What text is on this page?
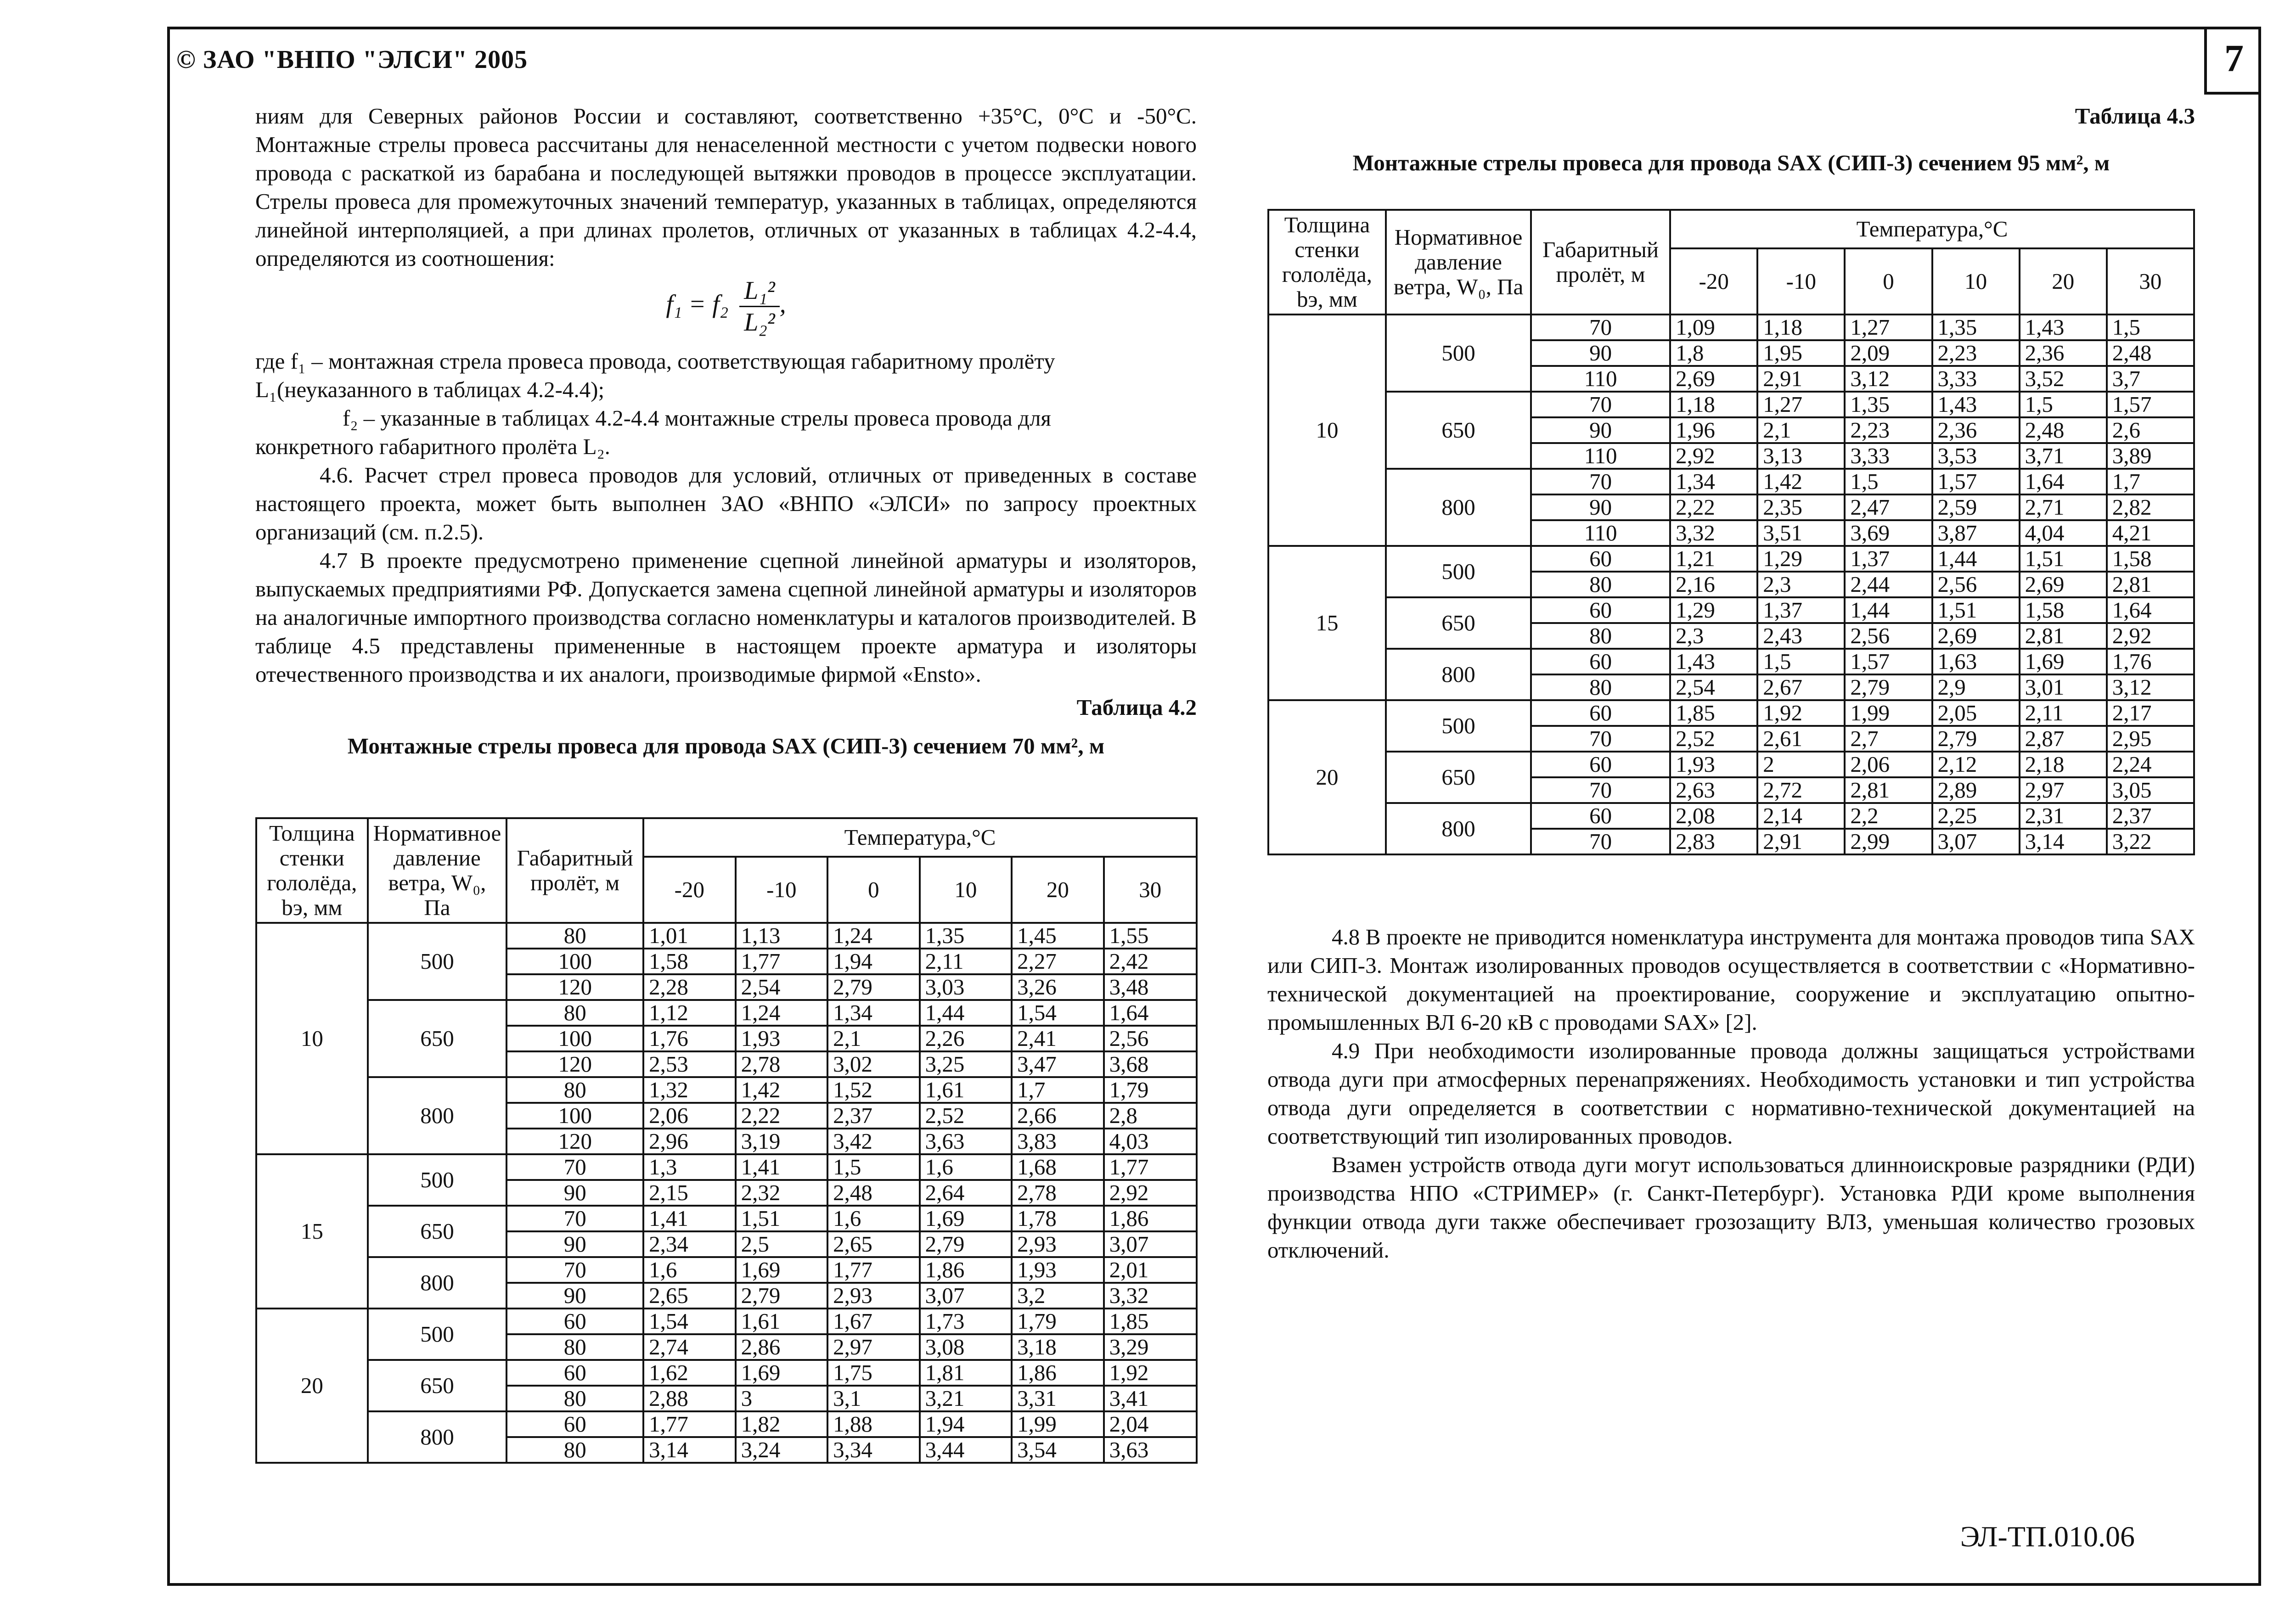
© ЗАО "ВНПО "ЭЛСИ" 2005	7

ниям для Северных районов России и составляют, соответственно +35°С, 0°С и -50°С. Монтажные стрелы провеса рассчитаны для ненаселенной местности с учетом подвески нового провода с раскаткой из барабана и последующей вытяжки проводов в процессе эксплуатации. Стрелы провеса для промежуточных значений температур, указанных в таблицах, определяются линейной интерполяцией, а при длинах пролетов, отличных от указанных в таблицах 4.2-4.4, определяются из соотношения:

$f_1 = f_2 \frac{\text{L₁²}}{\text{L₂²}}$ ,

где f₁ – монтажная стрела провеса провода, соответствующая габаритному пролёту

L₁(неуказанного в таблицах 4.2-4.4);

f₂ – указанные в таблицах 4.2-4.4 монтажные стрелы провеса провода для

конкретного габаритного пролёта L₂.

4.6. Расчет стрел провеса проводов для условий, отличных от приведенных в составе настоящего проекта, может быть выполнен ЗАО «ВНПО «ЭЛСИ» по запросу проектных организаций (см. п.2.5).

4.7 В проекте предусмотрено применение сцепной линейной арматуры и изоляторов, выпускаемых предприятиями РФ. Допускается замена сцепной линейной арматуры и изоляторов на аналогичные импортного производства согласно номенклатуры и каталогов производителей. В таблице 4.5 представлены примененные в настоящем проекте арматура и изоляторы отечественного производства и их аналоги, производимые фирмой «Ensto».

Таблица 4.2

Монтажные стрелы провеса для провода SAX (СИП-3) сечением 70 мм², м

Толщина стенки гололёда, bэ, мм	Нормативное давление ветра, W₀, Па	Габаритный пролёт, м	Температура,°С					
			-20	-10	0	10	20	30
10	500	80	1,01	1,13	1,24	1,35	1,45	1,55
		100	1,58	1,77	1,94	2,11	2,27	2,42
		120	2,28	2,54	2,79	3,03	3,26	3,48
	650	80	1,12	1,24	1,34	1,44	1,54	1,64
		100	1,76	1,93	2,1	2,26	2,41	2,56
		120	2,53	2,78	3,02	3,25	3,47	3,68
	800	80	1,32	1,42	1,52	1,61	1,7	1,79
		100	2,06	2,22	2,37	2,52	2,66	2,8
		120	2,96	3,19	3,42	3,63	3,83	4,03
15	500	70	1,3	1,41	1,5	1,6	1,68	1,77
		90	2,15	2,32	2,48	2,64	2,78	2,92
	650	70	1,41	1,51	1,6	1,69	1,78	1,86
		90	2,34	2,5	2,65	2,79	2,93	3,07
	800	70	1,6	1,69	1,77	1,86	1,93	2,01
		90	2,65	2,79	2,93	3,07	3,2	3,32
20	500	60	1,54	1,61	1,67	1,73	1,79	1,85
		80	2,74	2,86	2,97	3,08	3,18	3,29
	650	60	1,62	1,69	1,75	1,81	1,86	1,92
		80	2,88	3	3,1	3,21	3,31	3,41
	800	60	1,77	1,82	1,88	1,94	1,99	2,04
		80	3,14	3,24	3,34	3,44	3,54	3,63

Таблица 4.3

Монтажные стрелы провеса для провода SAX (СИП-3) сечением 95 мм², м

Толщина стенки гололёда, bэ, мм	Нормативное давление ветра, W₀, Па	Габаритный пролёт, м	Температура,°С					
			-20	-10	0	10	20	30
10	500	70	1,09	1,18	1,27	1,35	1,43	1,5
		90	1,8	1,95	2,09	2,23	2,36	2,48
		110	2,69	2,91	3,12	3,33	3,52	3,7
	650	70	1,18	1,27	1,35	1,43	1,5	1,57
		90	1,96	2,1	2,23	2,36	2,48	2,6
		110	2,92	3,13	3,33	3,53	3,71	3,89
	800	70	1,34	1,42	1,5	1,57	1,64	1,7
		90	2,22	2,35	2,47	2,59	2,71	2,82
		110	3,32	3,51	3,69	3,87	4,04	4,21
15	500	60	1,21	1,29	1,37	1,44	1,51	1,58
		80	2,16	2,3	2,44	2,56	2,69	2,81
	650	60	1,29	1,37	1,44	1,51	1,58	1,64
		80	2,3	2,43	2,56	2,69	2,81	2,92
	800	60	1,43	1,5	1,57	1,63	1,69	1,76
		80	2,54	2,67	2,79	2,9	3,01	3,12
20	500	60	1,85	1,92	1,99	2,05	2,11	2,17
		70	2,52	2,61	2,7	2,79	2,87	2,95
	650	60	1,93	2	2,06	2,12	2,18	2,24
		70	2,63	2,72	2,81	2,89	2,97	3,05
	800	60	2,08	2,14	2,2	2,25	2,31	2,37
		70	2,83	2,91	2,99	3,07	3,14	3,22

4.8 В проекте не приводится номенклатура инструмента для монтажа проводов типа SAX или СИП-3. Монтаж изолированных проводов осуществляется в соответствии с «Нормативно-технической документацией на проектирование, сооружение и эксплуатацию опытно-промышленных ВЛ 6-20 кВ с проводами SAX» [2].

4.9 При необходимости изолированные провода должны защищаться устройствами отвода дуги при атмосферных перенапряжениях. Необходимость установки и тип устройства отвода дуги определяется в соответствии с нормативно-технической документацией на соответствующий тип изолированных проводов.

Взамен устройств отвода дуги могут использоваться длинноискровые разрядники (РДИ) производства НПО «СТРИМЕР» (г. Санкт-Петербург). Установка РДИ кроме выполнения функции отвода дуги также обеспечивает грозозащиту ВЛЗ, уменьшая количество грозовых отключений.

ЭЛ-ТП.010.06
